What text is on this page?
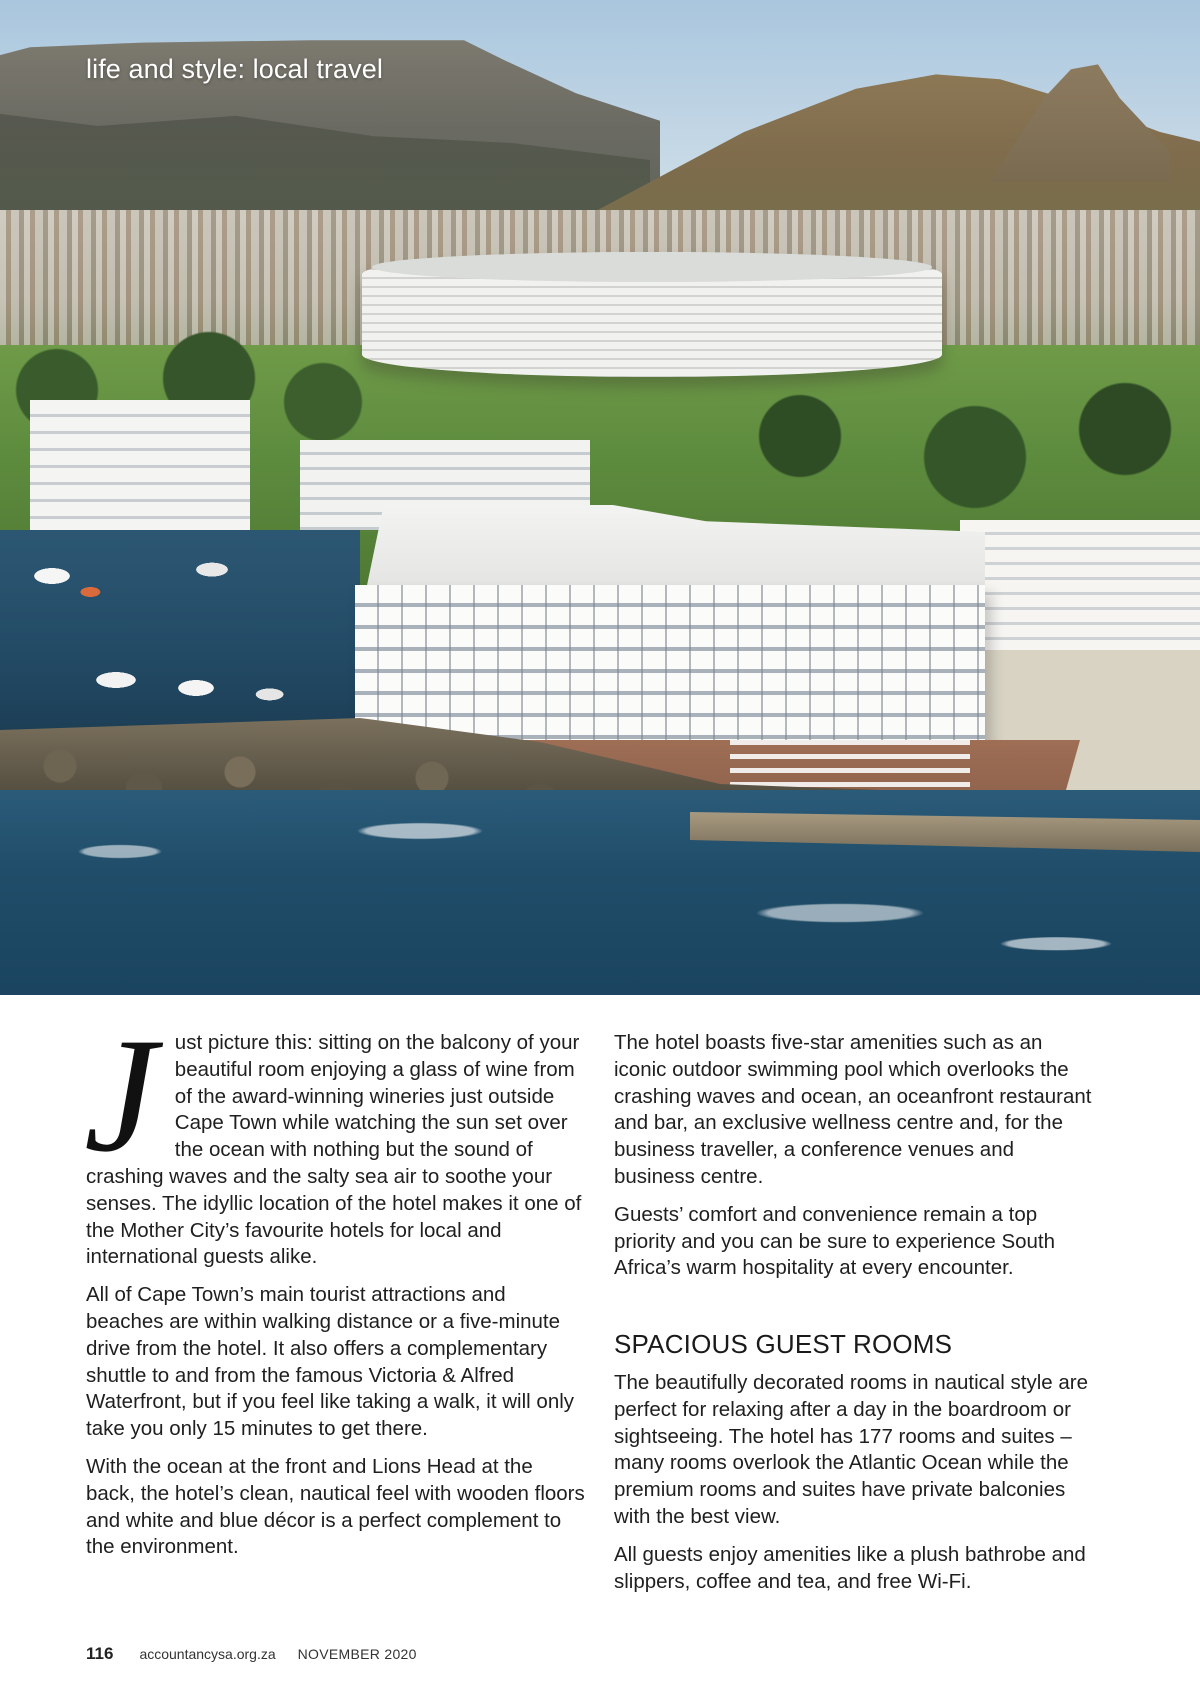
life and style: local travel

Just picture this: sitting on the balcony of your beautiful room enjoying a glass of wine from of the award-winning wineries just outside Cape Town while watching the sun set over the ocean with nothing but the sound of crashing waves and the salty sea air to soothe your senses. The idyllic location of the hotel makes it one of the Mother City’s favourite hotels for local and international guests alike.

All of Cape Town’s main tourist attractions and beaches are within walking distance or a five-minute drive from the hotel. It also offers a complementary shuttle to and from the famous Victoria & Alfred Waterfront, but if you feel like taking a walk, it will only take you only 15 minutes to get there.

With the ocean at the front and Lions Head at the back, the hotel’s clean, nautical feel with wooden floors and white and blue décor is a perfect complement to the environment.

The hotel boasts five-star amenities such as an iconic outdoor swimming pool which overlooks the crashing waves and ocean, an oceanfront restaurant and bar, an exclusive wellness centre and, for the business traveller, a conference venues and business centre.

Guests’ comfort and convenience remain a top priority and you can be sure to experience South Africa’s warm hospitality at every encounter.

SPACIOUS GUEST ROOMS

The beautifully decorated rooms in nautical style are perfect for relaxing after a day in the boardroom or sightseeing. The hotel has 177 rooms and suites – many rooms overlook the Atlantic Ocean while the premium rooms and suites have private balconies with the best view.

All guests enjoy amenities like a plush bathrobe and slippers, coffee and tea, and free Wi-Fi.

116 accountancysa.org.za NOVEMBER 2020
